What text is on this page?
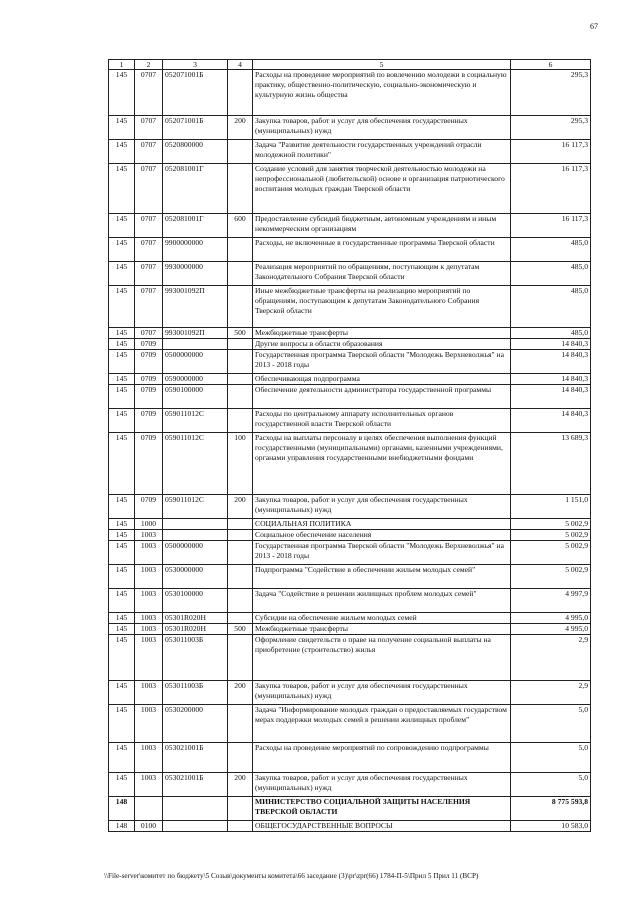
67
1	2	3	4	5	6
145	0707	052071001Б		Расходы на проведение мероприятий по вовлечению молодежи в социальную практику, общественно-политическую, социально-экономическую и культурную жизнь общества	295,3
145	0707	052071001Б	200	Закупка товаров, работ и услуг для обеспечения государственных (муниципальных) нужд	295,3
145	0707	0520800000		Задача "Развитие деятельности государственных учреждений отрасли молодежной политики"	16 117,3
145	0707	052081001Г		Создание условий для занятия творческой деятельностью молодежи на непрофессиональной (любительской) основе и организация патриотического воспитания молодых граждан Тверской области	16 117,3
145	0707	052081001Г	600	Предоставление субсидий бюджетным, автономным учреждениям и иным некоммерческим организациям	16 117,3
145	0707	9900000000		Расходы, не включенные в государственные программы Тверской области	485,0
145	0707	9930000000		Реализация мероприятий по обращениям, поступающим к депутатам Законодательного Собрания Тверской области	485,0
145	0707	993001092П		Иные межбюджетные трансферты на реализацию мероприятий по обращениям, поступающим к депутатам Законодательного Собрания Тверской области	485,0
145	0707	993001092П	500	Межбюджетные трансферты	485,0
145	0709			Другие вопросы в области образования	14 840,3
145	0709	0500000000		Государственная программа Тверской области "Молодежь Верхневолжья" на 2013 - 2018 годы	14 840,3
145	0709	0590000000		Обеспечивающая подпрограмма	14 840,3
145	0709	0590100000		Обеспечение деятельности администратора государственной программы	14 840,3
145	0709	059011012С		Расходы по центральному аппарату исполнительных органов государственной власти Тверской области	14 840,3
145	0709	059011012С	100	Расходы на выплаты персоналу в целях обеспечения выполнения функций государственными (муниципальными) органами, казенными учреждениями, органами управления государственными внебюджетными фондами	13 689,3
145	0709	059011012С	200	Закупка товаров, работ и услуг для обеспечения государственных (муниципальных) нужд	1 151,0
145	1000			СОЦИАЛЬНАЯ ПОЛИТИКА	5 002,9
145	1003			Социальное обеспечение населения	5 002,9
145	1003	0500000000		Государственная программа Тверской области "Молодежь Верхневолжья" на 2013 - 2018 годы	5 002,9
145	1003	0530000000		Подпрограмма "Содействие в обеспечении жильем молодых семей"	5 002,9
145	1003	0530100000		Задача "Содействие в решении жилищных проблем молодых семей"	4 997,9
145	1003	05301R020Н		Субсидии на обеспечение жильем молодых семей	4 995,0
145	1003	05301R020Н	500	Межбюджетные трансферты	4 995,0
145	1003	053011003Б		Оформление свидетельств о праве на получение социальной выплаты на приобретение (строительство) жилья	2,9
145	1003	053011003Б	200	Закупка товаров, работ и услуг для обеспечения государственных (муниципальных) нужд	2,9
145	1003	0530200000		Задача "Информирование молодых граждан о предоставляемых государством мерах поддержки молодых семей в решении жилищных проблем"	5,0
145	1003	053021001Б		Расходы на проведение мероприятий по сопровождению подпрограммы	5,0
145	1003	053021001Б	200	Закупка товаров, работ и услуг для обеспечения государственных (муниципальных) нужд	5,0
148				МИНИСТЕРСТВО СОЦИАЛЬНОЙ ЗАЩИТЫ НАСЕЛЕНИЯ ТВЕРСКОЙ ОБЛАСТИ	8 775 593,8
148	0100			ОБЩЕГОСУДАРСТВЕННЫЕ ВОПРОСЫ	10 583,0
\\File-server\комитет по бюджету\5 Созыв\документы комитета\66 заседание (3)\pr\zpr(66) 1784-П-5\Прил 5 Прил 11 (ВСР)
